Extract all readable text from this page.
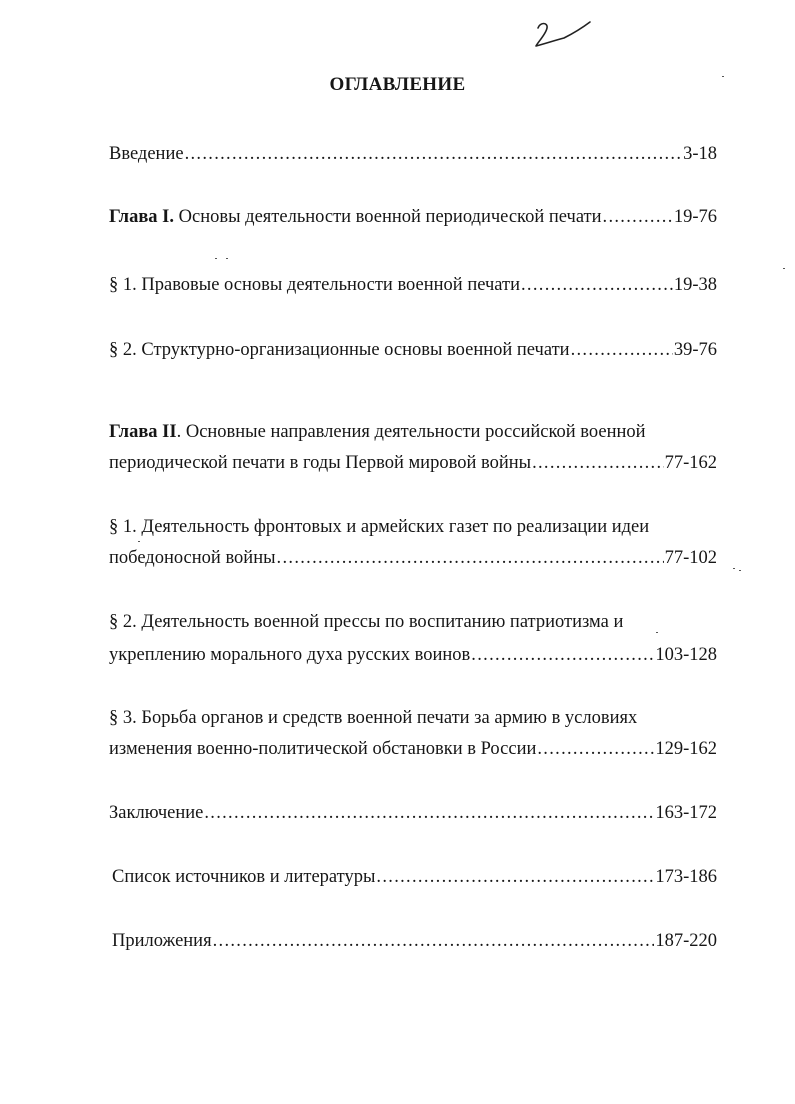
ОГЛАВЛЕНИЕ
Введение .....	3-18
Глава I. Основы деятельности военной периодической печати .....	19-76
§ 1. Правовые основы деятельности военной печати .....	19-38
§ 2. Структурно-организационные основы военной печати .....	39-76
Глава II. Основные направления деятельности российской военной
периодической печати в годы Первой мировой войны .....	77-162
§ 1. Деятельность фронтовых и армейских газет по реализации идеи
победоносной войны .....	77-102
§ 2. Деятельность военной прессы по воспитанию патриотизма и
укреплению морального духа русских воинов .....	103-128
§ 3. Борьба органов и средств военной печати за армию в условиях
изменения военно-политической обстановки в России .....	129-162
Заключение .....	163-172
Список источников и литературы .....	173-186
Приложения .....	187-220
